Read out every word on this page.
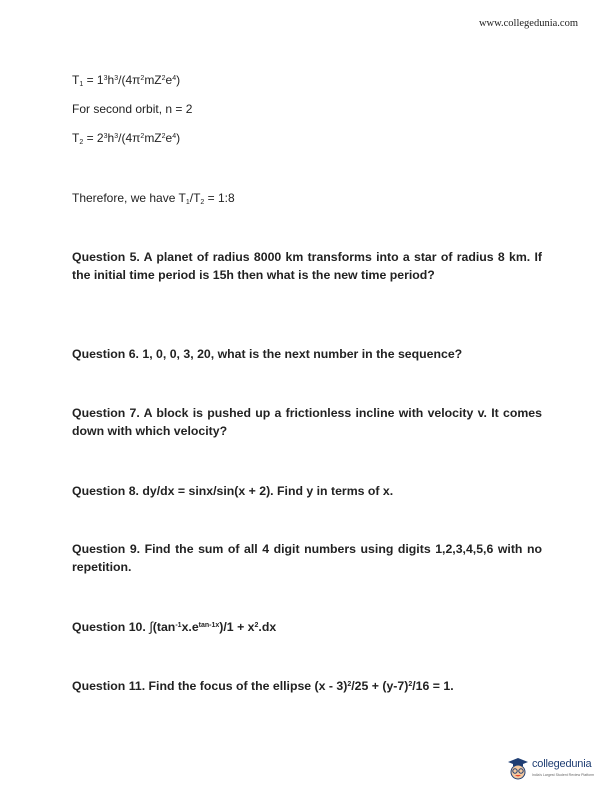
www.collegedunia.com
$T_1 = 1^3h^3/(4\pi^2mZ^2e^4)$
For second orbit, n = 2
$T_2 = 2^3h^3/(4\pi^2mZ^2e^4)$
Therefore, we have $T_1/T_2$ = 1:8
Question 5. A planet of radius 8000 km transforms into a star of radius 8 km. If the initial time period is 15h then what is the new time period?
Question 6. 1, 0, 0, 3, 20, what is the next number in the sequence?
Question 7. A block is pushed up a frictionless incline with velocity v. It comes down with which velocity?
Question 8. dy/dx = sinx/sin(x + 2). Find y in terms of x.
Question 9. Find the sum of all 4 digit numbers using digits 1,2,3,4,5,6 with no repetition.
Question 10. $\int(\tan^{-1}x.e^{tan-1x})/1 + x^2.dx$
Question 11. Find the focus of the ellipse $(x - 3)^2/25 + (y-7)^2/16 = 1$.
collegedunia
India's Largest Student Review Platform
